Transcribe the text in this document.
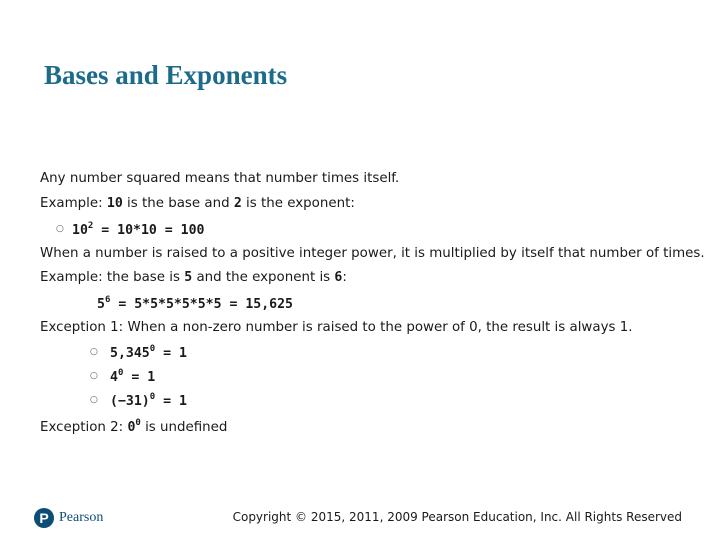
Bases and Exponents
Any number squared means that number times itself.
Example: 10 is the base and 2 is the exponent:
○ $10^2 = 10*10 = 100$
When a number is raised to a positive integer power, it is multiplied by itself that number of times.
Example: the base is 5 and the exponent is 6:
$5^6 = 5*5*5*5*5*5 = 15,625$
Exception 1: When a non-zero number is raised to the power of 0, the result is always 1.
○ $5,345^0 = 1$
○ $4^0 = 1$
○ $(-31)^0 = 1$
Exception 2: $0^0$ is undefined
P Pearson	Copyright © 2015, 2011, 2009 Pearson Education, Inc. All Rights Reserved
